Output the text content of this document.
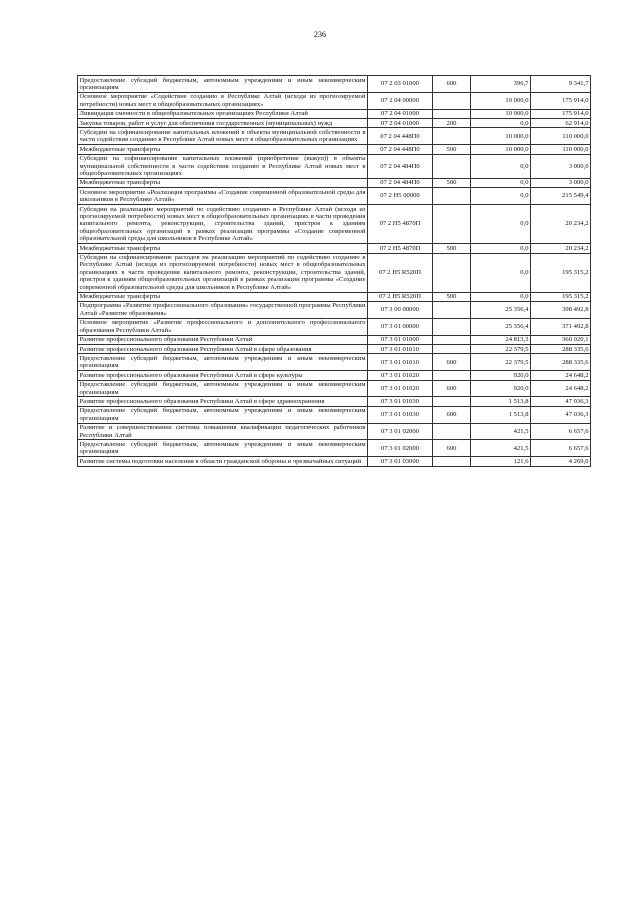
236
Предоставление субсидий бюджетным, автономным учреждениям и иным некоммерческим организациям	07 2 03 01000	600	396,7	9 341,7
Основное мероприятие «Содействие созданию в Республике Алтай (исходя из прогнозируемой потребности) новых мест в общеобразовательных организациях»	07 2 04 00000		10 000,0	175 914,0
Ликвидация сменности в общеобразовательных организациях Республики Алтай	07 2 04 01000		10 000,0	175 914,0
Закупка товаров, работ и услуг для обеспечения государственных (муниципальных) нужд	07 2 04 01000	200	0,0	62 914,0
Субсидии на софинансирование капитальных вложений в объекты муниципальной собственности в части содействия созданию в Республике Алтай новых мест в общеобразовательных организациях	07 2 04 448П0		10 000,0	110 000,0
Межбюджетные трансферты	07 2 04 448П0	500	10 000,0	110 000,0
Субсидии на софинансирование капитальных вложений (приобретение (выкуп)) в объекты муниципальной собственности в части содействия созданию в Республике Алтай новых мест в общеобразовательных организациях	07 2 04 484П0		0,0	3 000,0
Межбюджетные трансферты	07 2 04 484П0	500	0,0	3 000,0
Основное мероприятие «Реализация программы «Создание современной образовательной среды для школьников в Республике Алтай»	07 2 Н5 00000		0,0	215 549,4
Субсидии на реализацию мероприятий по содействию созданию в Республике Алтай (исходя из прогнозируемой потребности) новых мест в общеобразовательных организациях в части проведения капитального ремонта, реконструкции, строительства зданий, пристроя к зданиям общеобразовательных организаций в рамках реализации программы «Создание современной образовательной среды для школьников в Республике Алтай»	07 2 Н5 4870П		0,0	20 234,2
Межбюджетные трансферты	07 2 Н5 4870П	500	0,0	20 234,2
Субсидии на софинансирование расходов на реализацию мероприятий по содействию созданию в Республике Алтай (исходя из прогнозируемой потребности) новых мест в общеобразовательных организациях в части проведения капитального ремонта, реконструкции, строительства зданий, пристроя к зданиям общеобразовательных организаций в рамках реализации программы «Создание современной образовательной среды для школьников в Республике Алтай»	07 2 Н5 R520П		0,0	195 315,2
Межбюджетные трансферты	07 2 Н5 R520П	500	0,0	195 315,2
Подпрограмма «Развитие профессионального образования» государственной программы Республики Алтай «Развитие образования»	07 3 00 00000		25 356,4	398 492,8
Основное мероприятие «Развитие профессионального и дополнительного профессионального образования Республики Алтай»	07 3 01 00000		25 356,4	371 492,8
Развитие профессионального образования Республики Алтай	07 3 01 01000		24 813,3	360 020,1
Развитие профессионального образования Республики Алтай в сфере образования	07 3 01 01010		22 379,5	288 335,6
Предоставление субсидий бюджетным, автономным учреждениям и иным некоммерческим организациям	07 3 01 01010	600	22 379,5	288 335,6
Развитие профессионального образования Республики Алтай в сфере культуры	07 3 01 01020		920,0	24 648,2
Предоставление субсидий бюджетным, автономным учреждениям и иным некоммерческим организациям	07 3 01 01020	600	920,0	24 648,2
Развитие профессионального образования Республики Алтай в сфере здравоохранения	07 3 01 01030		1 513,8	47 036,3
Предоставление субсидий бюджетным, автономным учреждениям и иным некоммерческим организациям	07 3 01 01030	600	1 513,8	47 036,3
Развитие и совершенствование системы повышения квалификации педагогических работников Республики Алтай	07 3 01 02000		421,5	6 657,6
Предоставление субсидий бюджетным, автономным учреждениям и иным некоммерческим организациям	07 3 01 02000	600	421,5	6 657,6
Развитие системы подготовки населения в области гражданской обороны и чрезвычайных ситуаций	07 3 01 03000		121,6	4 269,0
